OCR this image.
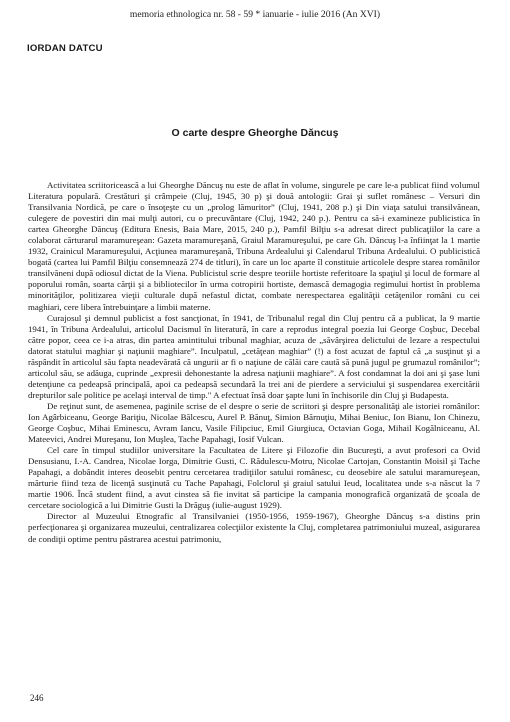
memoria ethnologica nr. 58 - 59 * ianuarie - iulie 2016 (An XVI)
IORDAN DATCU
O carte despre Gheorghe Dăncuş

Activitatea scriitoricească a lui Gheorghe Dăncuş nu este de aflat în volume, singurele pe care le-a publicat fiind volumul Literatura populară. Crestături şi crâmpeie (Cluj, 1945, 30 p) şi două antologii: Grai şi suflet românesc – Versuri din Transilvania Nordică, pe care o însoţeşte cu un „prolog lămuritor” (Cluj, 1941, 208 p.) şi Din viaţa satului transilvănean, culegere de povestiri din mai mulţi autori, cu o precuvântare (Cluj, 1942, 240 p.). Pentru ca să-i examineze publicistica în cartea Gheorghe Dăncuş (Editura Enesis, Baia Mare, 2015, 240 p.), Pamfil Bilţiu s-a adresat direct publicaţiilor la care a colaborat cărturarul maramureşean: Gazeta maramureşană, Graiul Maramureşului, pe care Gh. Dăncuş l-a înfiinţat la 1 martie 1932, Crainicul Maramureşului, Acţiunea maramureşană, Tribuna Ardealului şi Calendarul Tribuna Ardealului. O publicistică bogată (cartea lui Pamfil Bilţiu consemnează 274 de titluri), în care un loc aparte îl constituie articolele despre starea românilor transilvăneni după odiosul dictat de la Viena. Publicistul scrie despre teoriile hortiste referitoare la spaţiul şi locul de formare al poporului român, soarta cărţii şi a bibliotecilor în urma cotropirii hortiste, demască demagogia regimului hortist în problema minorităţilor, politizarea vieţii culturale după nefastul dictat, combate nerespectarea egalităţii cetăţenilor români cu cei maghiari, cere libera întrebuinţare a limbii materne.

Curajosul şi demnul publicist a fost sancţionat, în 1941, de Tribunalul regal din Cluj pentru că a publicat, la 9 martie 1941, în Tribuna Ardealului, articolul Dacismul în literatură, în care a reprodus integral poezia lui George Coşbuc, Decebal către popor, ceea ce i-a atras, din partea amintitului tribunal maghiar, acuza de „săvârşirea delictului de lezare a respectului datorat statului maghiar şi naţiunii maghiare”. Inculpatul, „cetăţean maghiar” (!) a fost acuzat de faptul că „a susţinut şi a răspândit în articolul său fapta neadevărată că ungurii ar fi o naţiune de călăi care caută să pună jugul pe grumazul românilor”; articolul său, se adăuga, cuprinde „expresii dehonestante la adresa naţiunii maghiare”. A fost condamnat la doi ani şi şase luni detenţiune ca pedeapsă principală, apoi ca pedeapsă secundară la trei ani de pierdere a serviciului şi suspendarea exercitării drepturilor sale politice pe acelaşi interval de timp." A efectuat însă doar şapte luni în închisorile din Cluj şi Budapesta.

De reţinut sunt, de asemenea, paginile scrise de el despre o serie de scriitori şi despre personalităţi ale istoriei românilor: Ion Agârbiceanu, George Bariţiu, Nicolae Bălcescu, Aurel P. Bănuţ, Simion Bărnuţiu, Mihai Beniuc, Ion Bianu, Ion Chinezu, George Coşbuc, Mihai Eminescu, Avram Iancu, Vasile Filipciuc, Emil Giurgiuca, Octavian Goga, Mihail Kogălniceanu, Al. Mateevici, Andrei Mureşanu, Ion Muşlea, Tache Papahagi, Iosif Vulcan.

Cel care în timpul studiilor universitare la Facultatea de Litere şi Filozofie din Bucureşti, a avut profesori ca Ovid Densusianu, I.-A. Candrea, Nicolae Iorga, Dimitrie Gusti, C. Rădulescu-Motru, Nicolae Cartojan, Constantin Moisil şi Tache Papahagi, a dobândit interes deosebit pentru cercetarea tradiţiilor satului românesc, cu deosebire ale satului maramureşean, mărturie fiind teza de licenţă susţinută cu Tache Papahagi, Folclorul şi graiul satului Ieud, localitatea unde s-a născut la 7 martie 1906. Încă student fiind, a avut cinstea să fie invitat să participe la campania monografică organizată de şcoala de cercetare sociologică a lui Dimitrie Gusti la Drăguş (iulie-august 1929).

Director al Muzeului Etnografic al Transilvaniei (1950-1956, 1959-1967), Gheorghe Dăncuş s-a distins prin perfecţionarea şi organizarea muzeului, centralizarea colecţiilor existente la Cluj, completarea patrimoniului muzeal, asigurarea de condiţii optime pentru păstrarea acestui patrimoniu,

246
